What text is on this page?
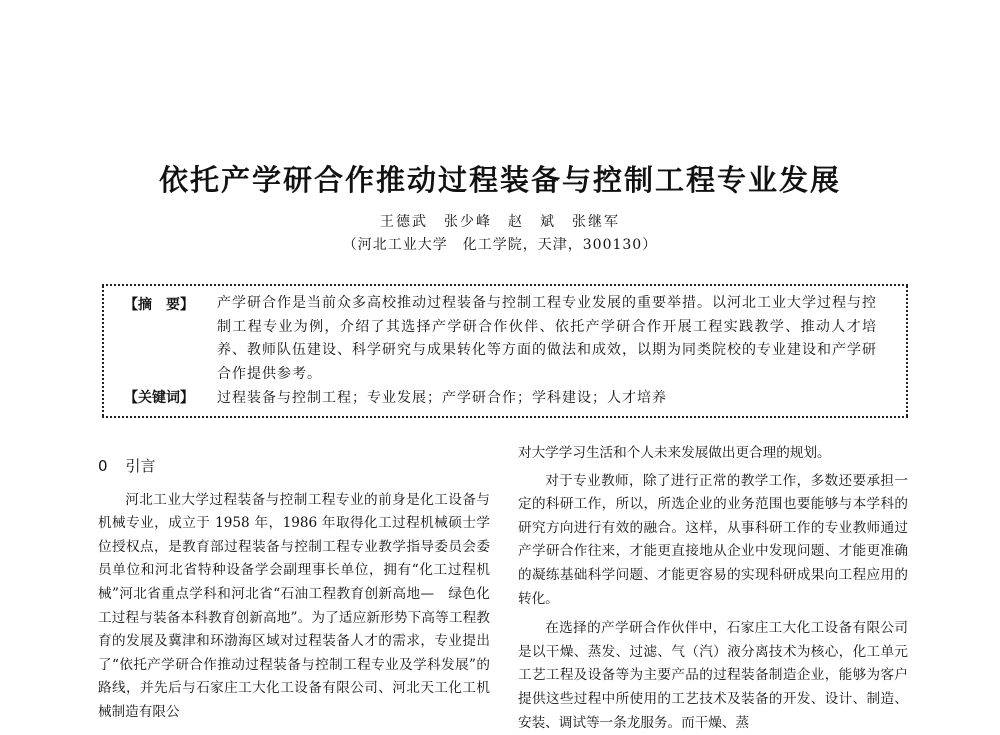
依托产学研合作推动过程装备与控制工程专业发展
王德武　张少峰　赵　斌　张继军
（河北工业大学　化工学院，天津，300130）
【摘　要】 产学研合作是当前众多高校推动过程装备与控制工程专业发展的重要举措。以河北工业大学过程与控制工程专业为例，介绍了其选择产学研合作伙伴、依托产学研合作开展工程实践教学、推动人才培养、教师队伍建设、科学研究与成果转化等方面的做法和成效，以期为同类院校的专业建设和产学研合作提供参考。
【关键词】 过程装备与控制工程；专业发展；产学研合作；学科建设；人才培养
0 引言

河北工业大学过程装备与控制工程专业的前身是化工设备与机械专业，成立于 1958 年，1986 年取得化工过程机械硕士学位授权点，是教育部过程装备与控制工程专业教学指导委员会委员单位和河北省特种设备学会副理事长单位，拥有“化工过程机械”河北省重点学科和河北省“石油工程教育创新高地—　绿色化工过程与装备本科教育创新高地”。为了适应新形势下高等工程教育的发展及冀津和环渤海区域对过程装备人才的需求，专业提出了“依托产学研合作推动过程装备与控制工程专业及学科发展”的路线，并先后与石家庄工大化工设备有限公司、河北天工化工机械制造有限公

对大学学习生活和个人未来发展做出更合理的规划。

对于专业教师，除了进行正常的教学工作，多数还要承担一定的科研工作，所以，所选企业的业务范围也要能够与本学科的研究方向进行有效的融合。这样，从事科研工作的专业教师通过产学研合作往来，才能更直接地从企业中发现问题、才能更准确的凝练基础科学问题、才能更容易的实现科研成果向工程应用的转化。

在选择的产学研合作伙伴中，石家庄工大化工设备有限公司是以干燥、蒸发、过滤、气（汽）液分离技术为核心，化工单元工艺工程及设备等为主要产品的过程装备制造企业，能够为客户提供这些过程中所使用的工艺技术及装备的开发、设计、制造、安装、调试等一条龙服务。而干燥、蒸
